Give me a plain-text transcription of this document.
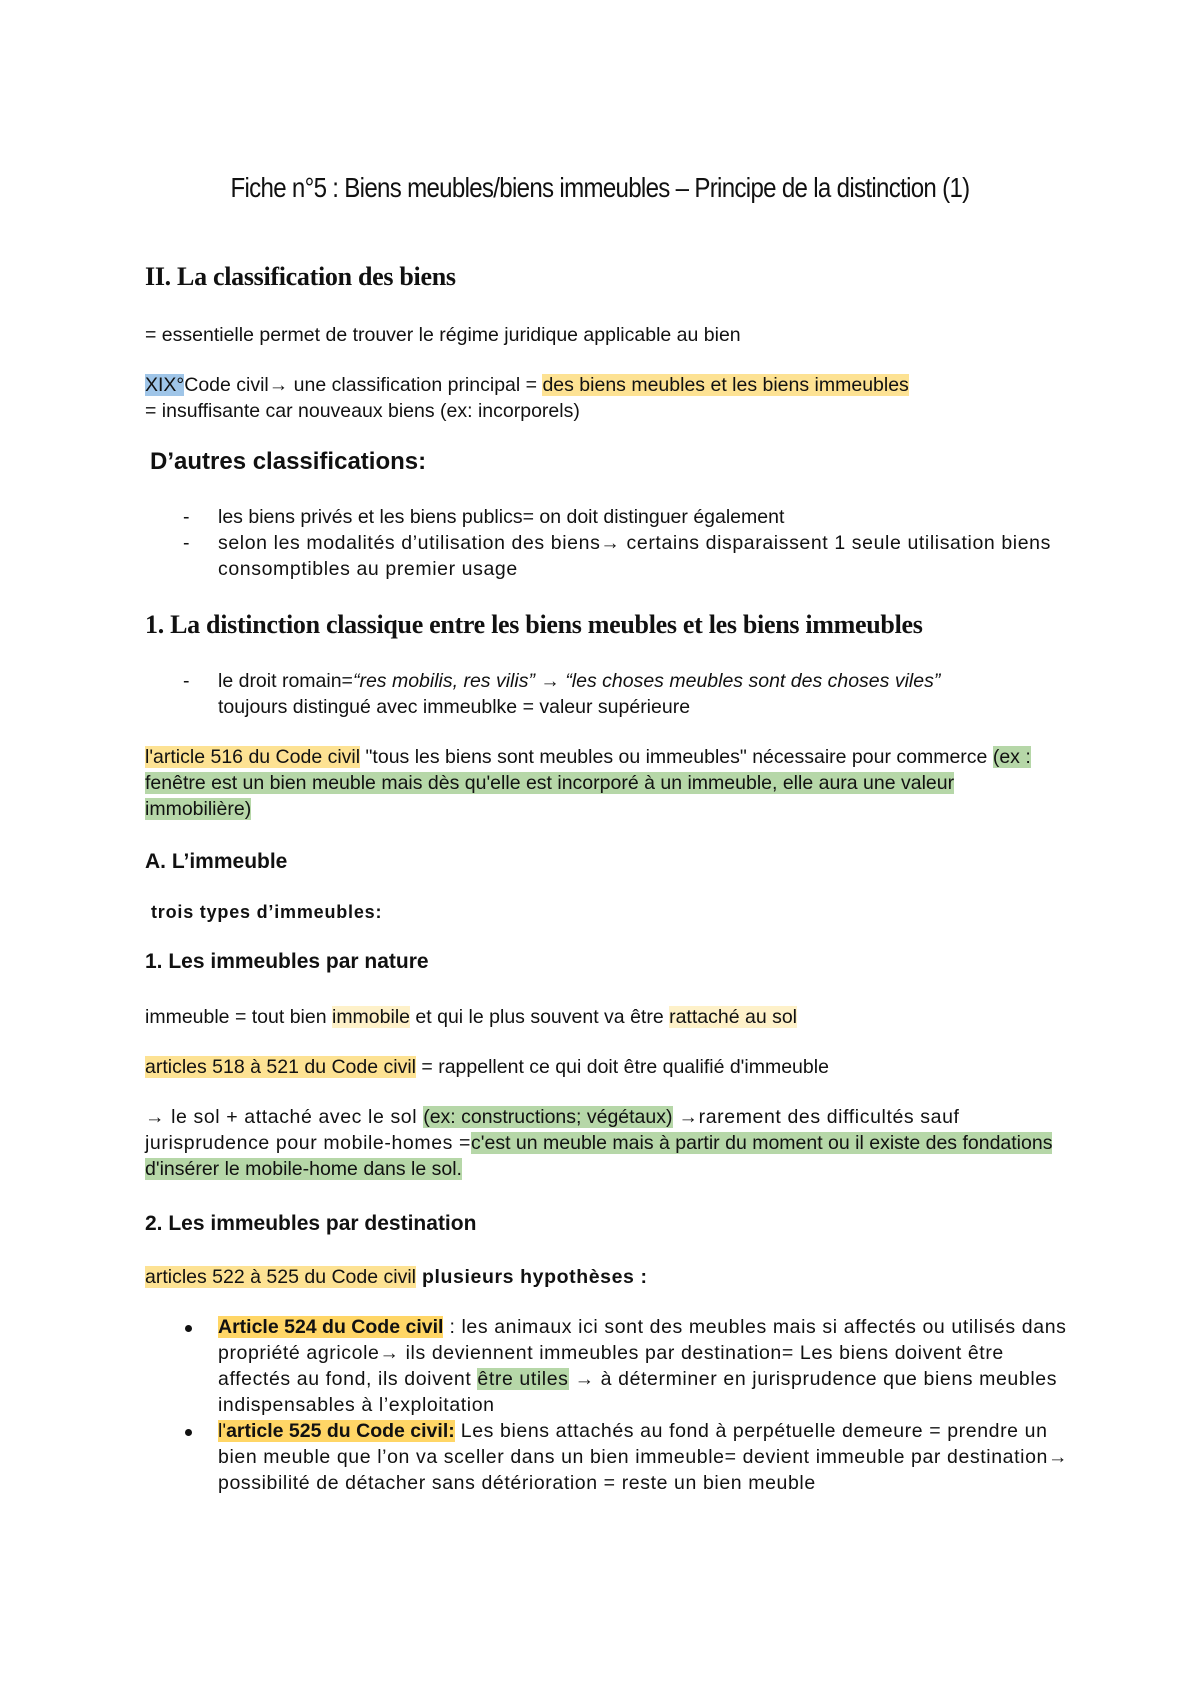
Fiche n°5 : Biens meubles/biens immeubles – Principe de la distinction (1)
II. La classification des biens

= essentielle permet de trouver le régime juridique applicable au bien

XIX°Code civil→ une classification principal = des biens meubles et les biens immeubles
= insuffisante car nouveaux biens (ex: incorporels)

D’autres classifications:
- les biens privés et les biens publics= on doit distinguer également
- selon les modalités d’utilisation des biens→ certains disparaissent 1 seule utilisation biens consomptibles au premier usage
1. La distinction classique entre les biens meubles et les biens immeubles
- le droit romain=“res mobilis, res vilis” → “les choses meubles sont des choses viles”
toujours distingué avec immeublke = valeur supérieure

l'article 516 du Code civil "tous les biens sont meubles ou immeubles" nécessaire pour commerce (ex : fenêtre est un bien meuble mais dès qu'elle est incorporé à un immeuble, elle aura une valeur immobilière)

A. L’immeuble

trois types d’immeubles:

1. Les immeubles par nature

immeuble = tout bien immobile et qui le plus souvent va être rattaché au sol

articles 518 à 521 du Code civil = rappellent ce qui doit être qualifié d'immeuble

→ le sol + attaché avec le sol (ex: constructions; végétaux) →rarement des difficultés sauf jurisprudence pour mobile-homes =c'est un meuble mais à partir du moment ou il existe des fondations d'insérer le mobile-home dans le sol.

2. Les immeubles par destination

articles 522 à 525 du Code civil plusieurs hypothèses :

Article 524 du Code civil : les animaux ici sont des meubles mais si affectés ou utilisés dans propriété agricole→ ils deviennent immeubles par destination= Les biens doivent être affectés au fond, ils doivent être utiles → à déterminer en jurisprudence que biens meubles indispensables à l’exploitation
l'article 525 du Code civil: Les biens attachés au fond à perpétuelle demeure = prendre un bien meuble que l’on va sceller dans un bien immeuble= devient immeuble par destination→ possibilité de détacher sans détérioration = reste un bien meuble
